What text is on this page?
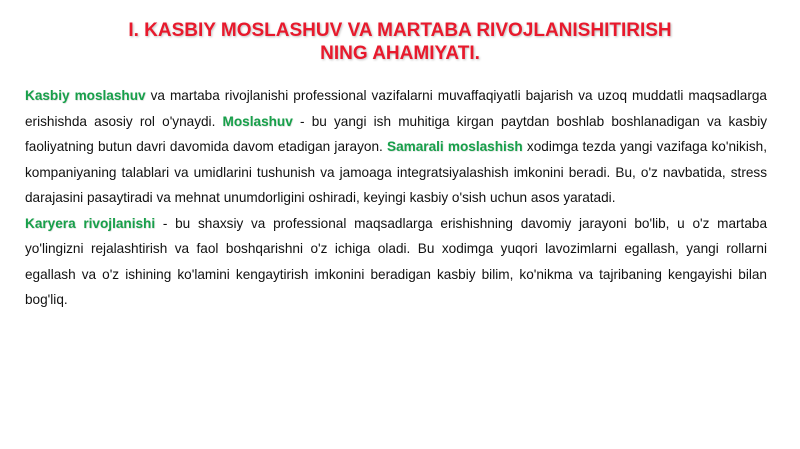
I. KASBIY MOSLASHUV VA MARTABA RIVOJLANISHITIRISH
NING AHAMIYATI.

Kasbiy moslashuv va martaba rivojlanishi professional vazifalarni muvaffaqiyatli bajarish va uzoq muddatli maqsadlarga erishishda asosiy rol o'ynaydi. Moslashuv - bu yangi ish muhitiga kirgan paytdan boshlab boshlanadigan va kasbiy faoliyatning butun davri davomida davom etadigan jarayon. Samarali moslashish xodimga tezda yangi vazifaga ko'nikish, kompaniyaning talablari va umidlarini tushunish va jamoaga integratsiyalashish imkonini beradi. Bu, o'z navbatida, stress darajasini pasaytiradi va mehnat unumdorligini oshiradi, keyingi kasbiy o'sish uchun asos yaratadi.

Karyera rivojlanishi - bu shaxsiy va professional maqsadlarga erishishning davomiy jarayoni bo'lib, u o'z martaba yo'lingizni rejalashtirish va faol boshqarishni o'z ichiga oladi. Bu xodimga yuqori lavozimlarni egallash, yangi rollarni egallash va o'z ishining ko'lamini kengaytirish imkonini beradigan kasbiy bilim, ko'nikma va tajribaning kengayishi bilan bog'liq.
